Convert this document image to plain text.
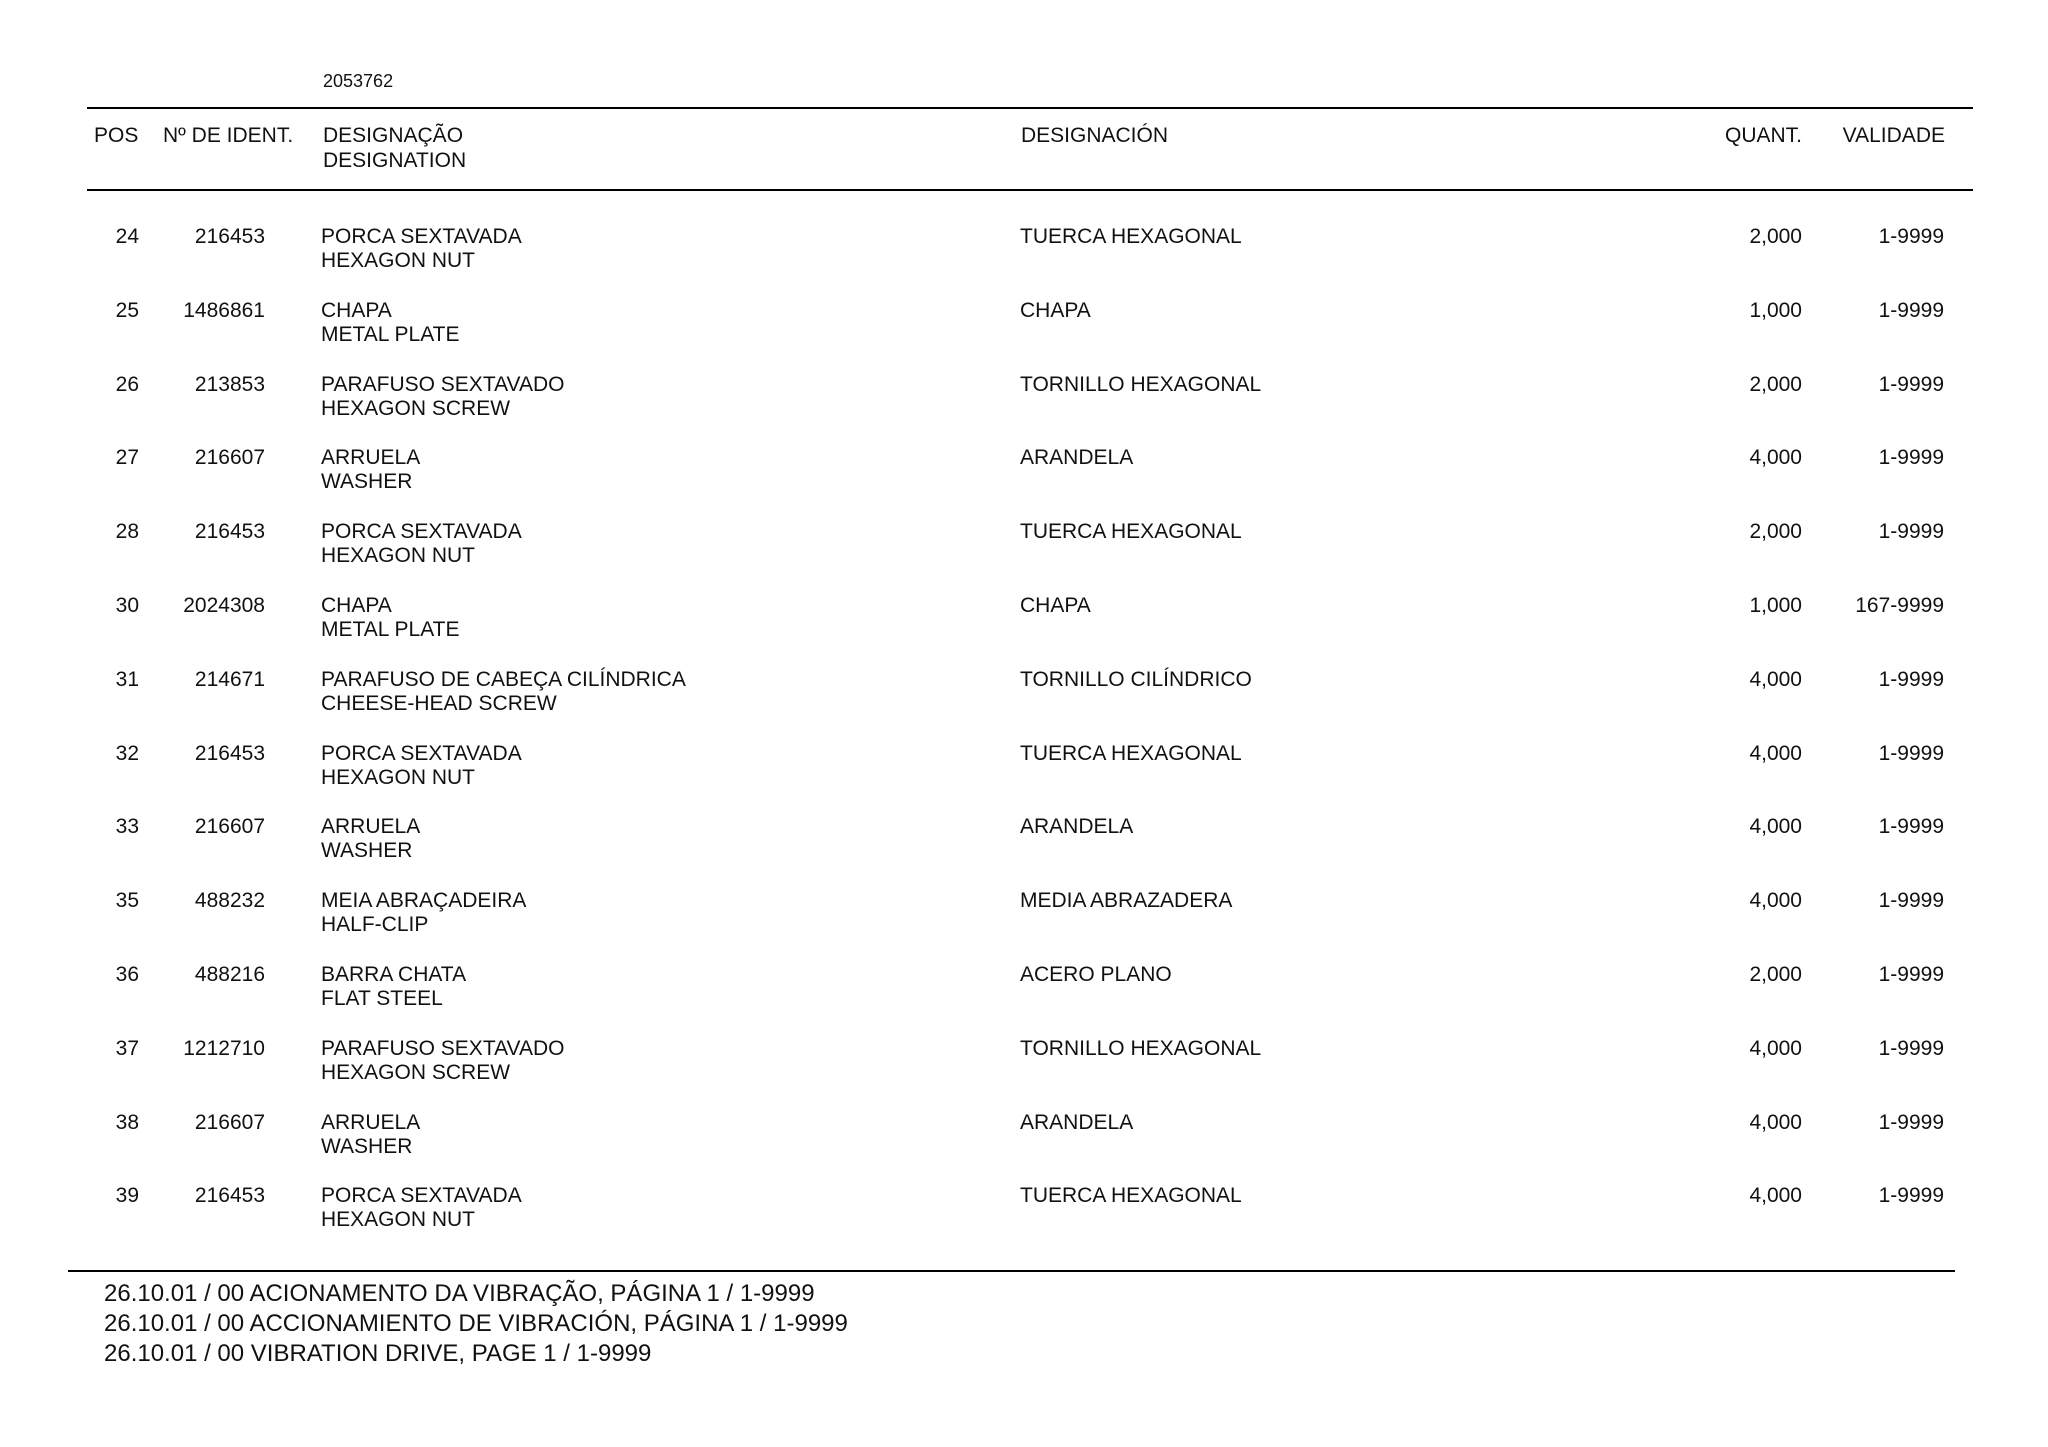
2053762
POS Nº DE IDENT. DESIGNAÇÃO
DESIGNATION
DESIGNACIÓN	QUANT. VALIDADE
24	216453	PORCA SEXTAVADA
HEXAGON NUT
TUERCA HEXAGONAL	2,000	1-9999
25 1486861	CHAPA
METAL PLATE
CHAPA	1,000	1-9999
26	213853	PARAFUSO SEXTAVADO
HEXAGON SCREW
TORNILLO HEXAGONAL	2,000	1-9999
27	216607	ARRUELA
WASHER
ARANDELA	4,000	1-9999
28	216453	PORCA SEXTAVADA
HEXAGON NUT
TUERCA HEXAGONAL	2,000	1-9999
30 2024308	CHAPA
METAL PLATE
CHAPA	1,000	167-9999
31	214671	PARAFUSO DE CABEÇA CILÍNDRICA
CHEESE-HEAD SCREW
TORNILLO CILÍNDRICO	4,000	1-9999
32	216453	PORCA SEXTAVADA
HEXAGON NUT
TUERCA HEXAGONAL	4,000	1-9999
33	216607	ARRUELA
WASHER
ARANDELA	4,000	1-9999
35	488232	MEIA ABRAÇADEIRA
HALF-CLIP
MEDIA ABRAZADERA	4,000	1-9999
36	488216	BARRA CHATA
FLAT STEEL
ACERO PLANO	2,000	1-9999
37 1212710	PARAFUSO SEXTAVADO
HEXAGON SCREW
TORNILLO HEXAGONAL	4,000	1-9999
38	216607	ARRUELA
WASHER
ARANDELA	4,000	1-9999
39	216453	PORCA SEXTAVADA
HEXAGON NUT
TUERCA HEXAGONAL	4,000	1-9999
26.10.01 / 00 ACIONAMENTO DA VIBRAÇÃO, PÁGINA 1 / 1-9999
26.10.01 / 00 ACCIONAMIENTO DE VIBRACIÓN, PÁGINA 1 / 1-9999
26.10.01 / 00 VIBRATION DRIVE, PAGE 1 / 1-9999
